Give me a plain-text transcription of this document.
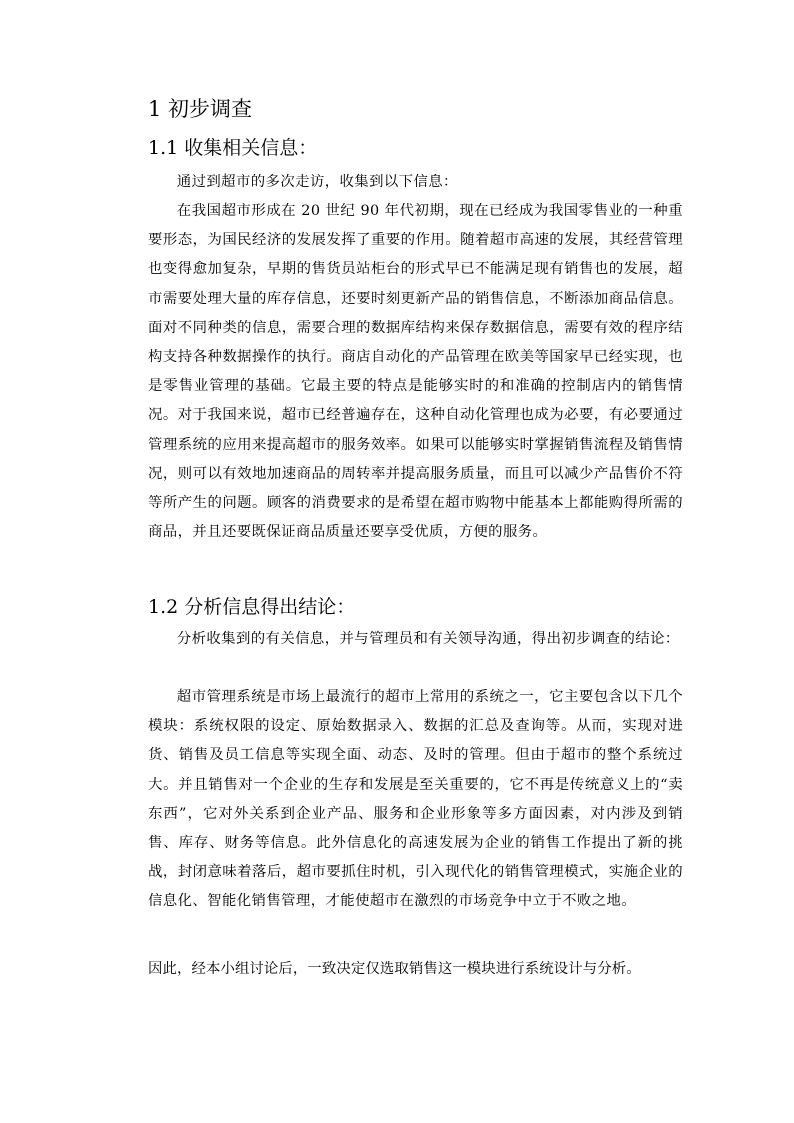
1 初步调查
1.1 收集相关信息：

通过到超市的多次走访，收集到以下信息：

在我国超市形成在 20 世纪 90 年代初期，现在已经成为我国零售业的一种重要形态，为国民经济的发展发挥了重要的作用。随着超市高速的发展，其经营管理也变得愈加复杂，早期的售货员站柜台的形式早已不能满足现有销售也的发展，超市需要处理大量的库存信息，还要时刻更新产品的销售信息，不断添加商品信息。面对不同种类的信息，需要合理的数据库结构来保存数据信息，需要有效的程序结构支持各种数据操作的执行。商店自动化的产品管理在欧美等国家早已经实现，也是零售业管理的基础。它最主要的特点是能够实时的和准确的控制店内的销售情况。对于我国来说，超市已经普遍存在，这种自动化管理也成为必要，有必要通过管理系统的应用来提高超市的服务效率。如果可以能够实时掌握销售流程及销售情况，则可以有效地加速商品的周转率并提高服务质量，而且可以减少产品售价不符等所产生的问题。顾客的消费要求的是希望在超市购物中能基本上都能购得所需的商品，并且还要既保证商品质量还要享受优质，方便的服务。

1.2 分析信息得出结论：

分析收集到的有关信息，并与管理员和有关领导沟通，得出初步调查的结论：

超市管理系统是市场上最流行的超市上常用的系统之一，它主要包含以下几个模块：系统权限的设定、原始数据录入、数据的汇总及查询等。从而，实现对进货、销售及员工信息等实现全面、动态、及时的管理。但由于超市的整个系统过大。并且销售对一个企业的生存和发展是至关重要的，它不再是传统意义上的“卖东西”，它对外关系到企业产品、服务和企业形象等多方面因素，对内涉及到销售、库存、财务等信息。此外信息化的高速发展为企业的销售工作提出了新的挑战，封闭意味着落后，超市要抓住时机，引入现代化的销售管理模式，实施企业的信息化、智能化销售管理，才能使超市在激烈的市场竞争中立于不败之地。

因此，经本小组讨论后，一致决定仅选取销售这一模块进行系统设计与分析。
